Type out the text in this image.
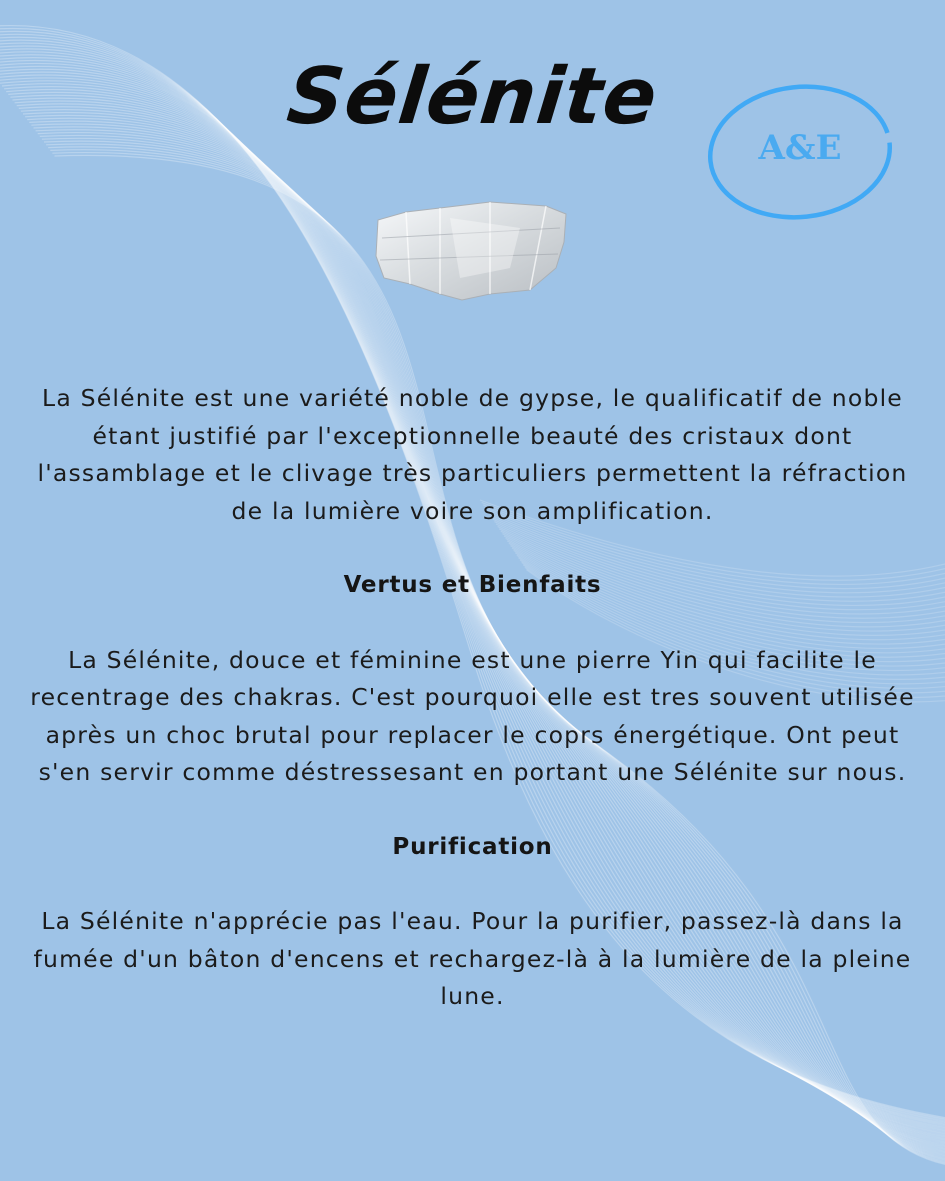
Sélénite
A&E

La Sélénite est une variété noble de gypse, le qualificatif de noble étant justifié par l'exceptionnelle beauté des cristaux dont l'assamblage et le clivage très particuliers permettent la réfraction de la lumière voire son amplification.

Vertus et Bienfaits

La Sélénite, douce et féminine est une pierre Yin qui facilite le recentrage des chakras. C'est pourquoi elle est tres souvent utilisée après un choc brutal pour replacer le coprs énergétique. Ont peut s'en servir comme déstressesant en portant une Sélénite sur nous.

Purification

La Sélénite n'apprécie pas l'eau. Pour la purifier, passez-là dans la fumée d'un bâton d'encens et rechargez-là à la lumière de la pleine lune.
